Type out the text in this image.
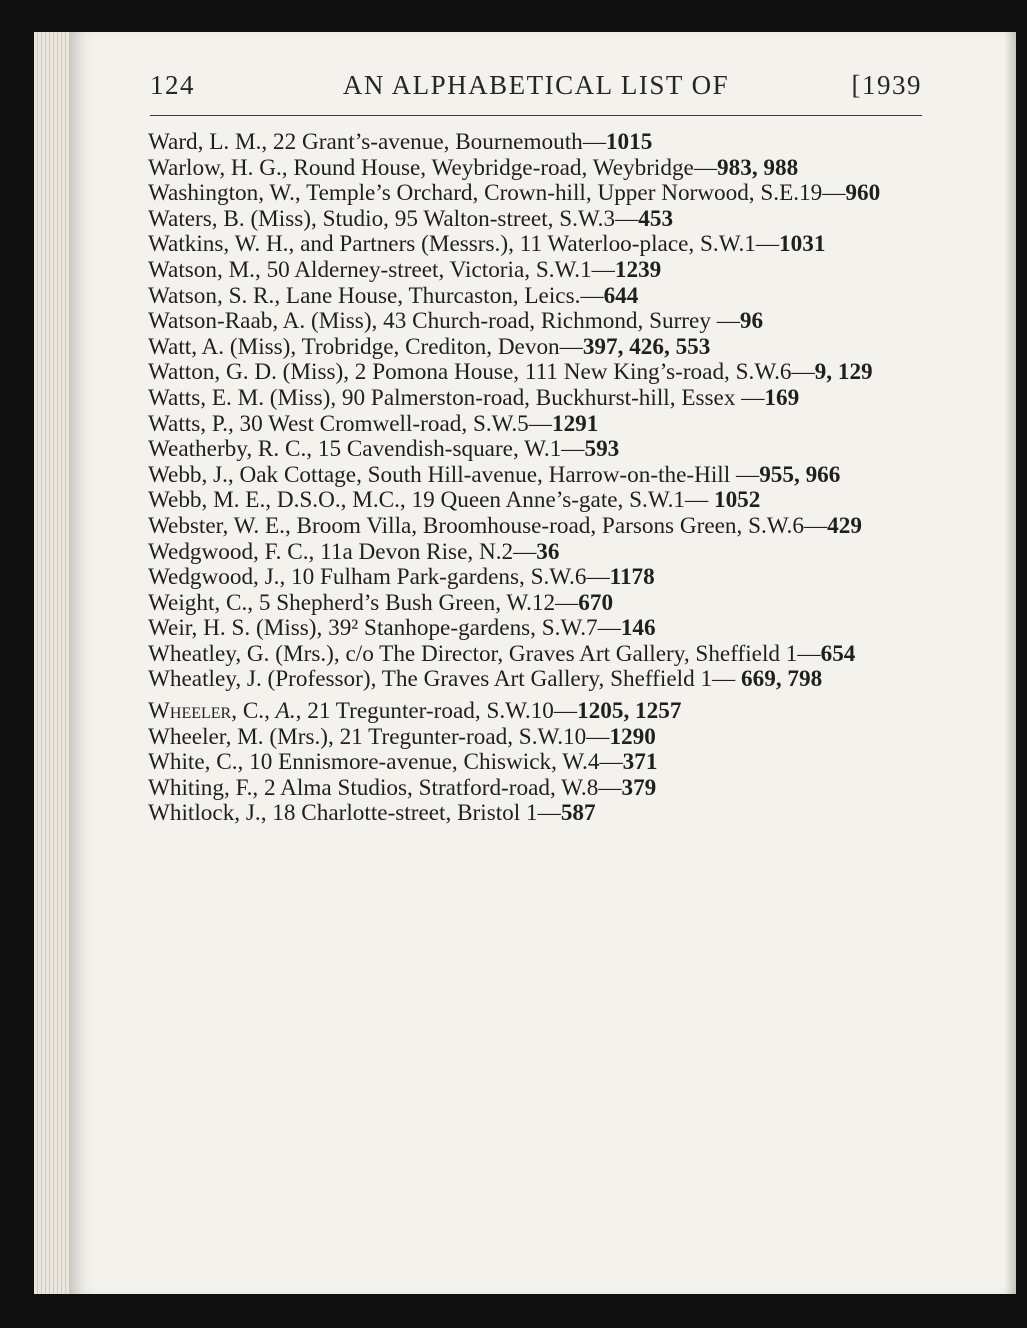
124	AN ALPHABETICAL LIST OF	[1939

Ward, L. M., 22 Grant’s-avenue, Bournemouth—1015

Warlow, H. G., Round House, Weybridge-road, Weybridge—983, 988

Washington, W., Temple’s Orchard, Crown-hill, Upper Norwood, S.E.19—960

Waters, B. (Miss), Studio, 95 Walton-street, S.W.3—453

Watkins, W. H., and Partners (Messrs.), 11 Waterloo-place, S.W.1—1031

Watson, M., 50 Alderney-street, Victoria, S.W.1—1239

Watson, S. R., Lane House, Thurcaston, Leics.—644

Watson-Raab, A. (Miss), 43 Church-road, Richmond, Surrey —96

Watt, A. (Miss), Trobridge, Crediton, Devon—397, 426, 553

Watton, G. D. (Miss), 2 Pomona House, 111 New King’s-road, S.W.6—9, 129

Watts, E. M. (Miss), 90 Palmerston-road, Buckhurst-hill, Essex —169

Watts, P., 30 West Cromwell-road, S.W.5—1291

Weatherby, R. C., 15 Cavendish-square, W.1—593

Webb, J., Oak Cottage, South Hill-avenue, Harrow-on-the-Hill —955, 966

Webb, M. E., D.S.O., M.C., 19 Queen Anne’s-gate, S.W.1— 1052

Webster, W. E., Broom Villa, Broomhouse-road, Parsons Green, S.W.6—429

Wedgwood, F. C., 11a Devon Rise, N.2—36

Wedgwood, J., 10 Fulham Park-gardens, S.W.6—1178

Weight, C., 5 Shepherd’s Bush Green, W.12—670

Weir, H. S. (Miss), 39² Stanhope-gardens, S.W.7—146

Wheatley, G. (Mrs.), c/o The Director, Graves Art Gallery, Sheffield 1—654

Wheatley, J. (Professor), The Graves Art Gallery, Sheffield 1— 669, 798

Wheeler, C., A., 21 Tregunter-road, S.W.10—1205, 1257

Wheeler, M. (Mrs.), 21 Tregunter-road, S.W.10—1290

White, C., 10 Ennismore-avenue, Chiswick, W.4—371

Whiting, F., 2 Alma Studios, Stratford-road, W.8—379

Whitlock, J., 18 Charlotte-street, Bristol 1—587
